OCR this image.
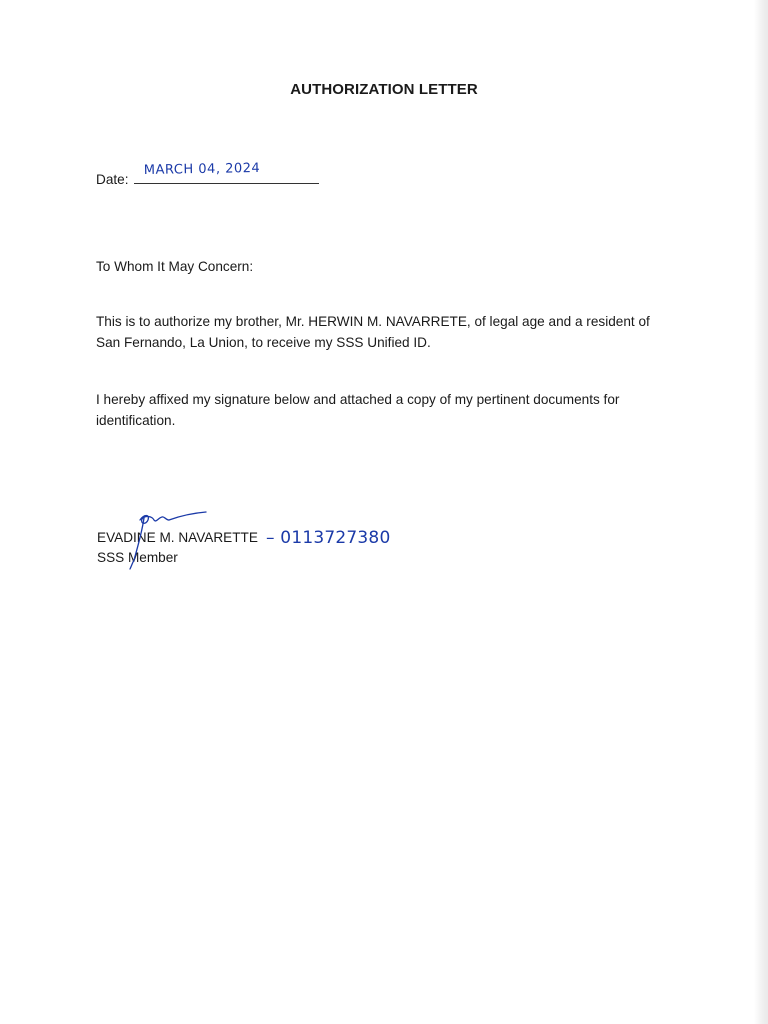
AUTHORIZATION LETTER
Date:
MARCH 04, 2024
To Whom It May Concern:
This is to authorize my brother, Mr. HERWIN M. NAVARRETE, of legal age and a resident of
San Fernando, La Union, to receive my SSS Unified ID.
I hereby affixed my signature below and attached a copy of my pertinent documents for
identification.
EVADINE M. NAVARETTE
SSS Member
– 0113727380
